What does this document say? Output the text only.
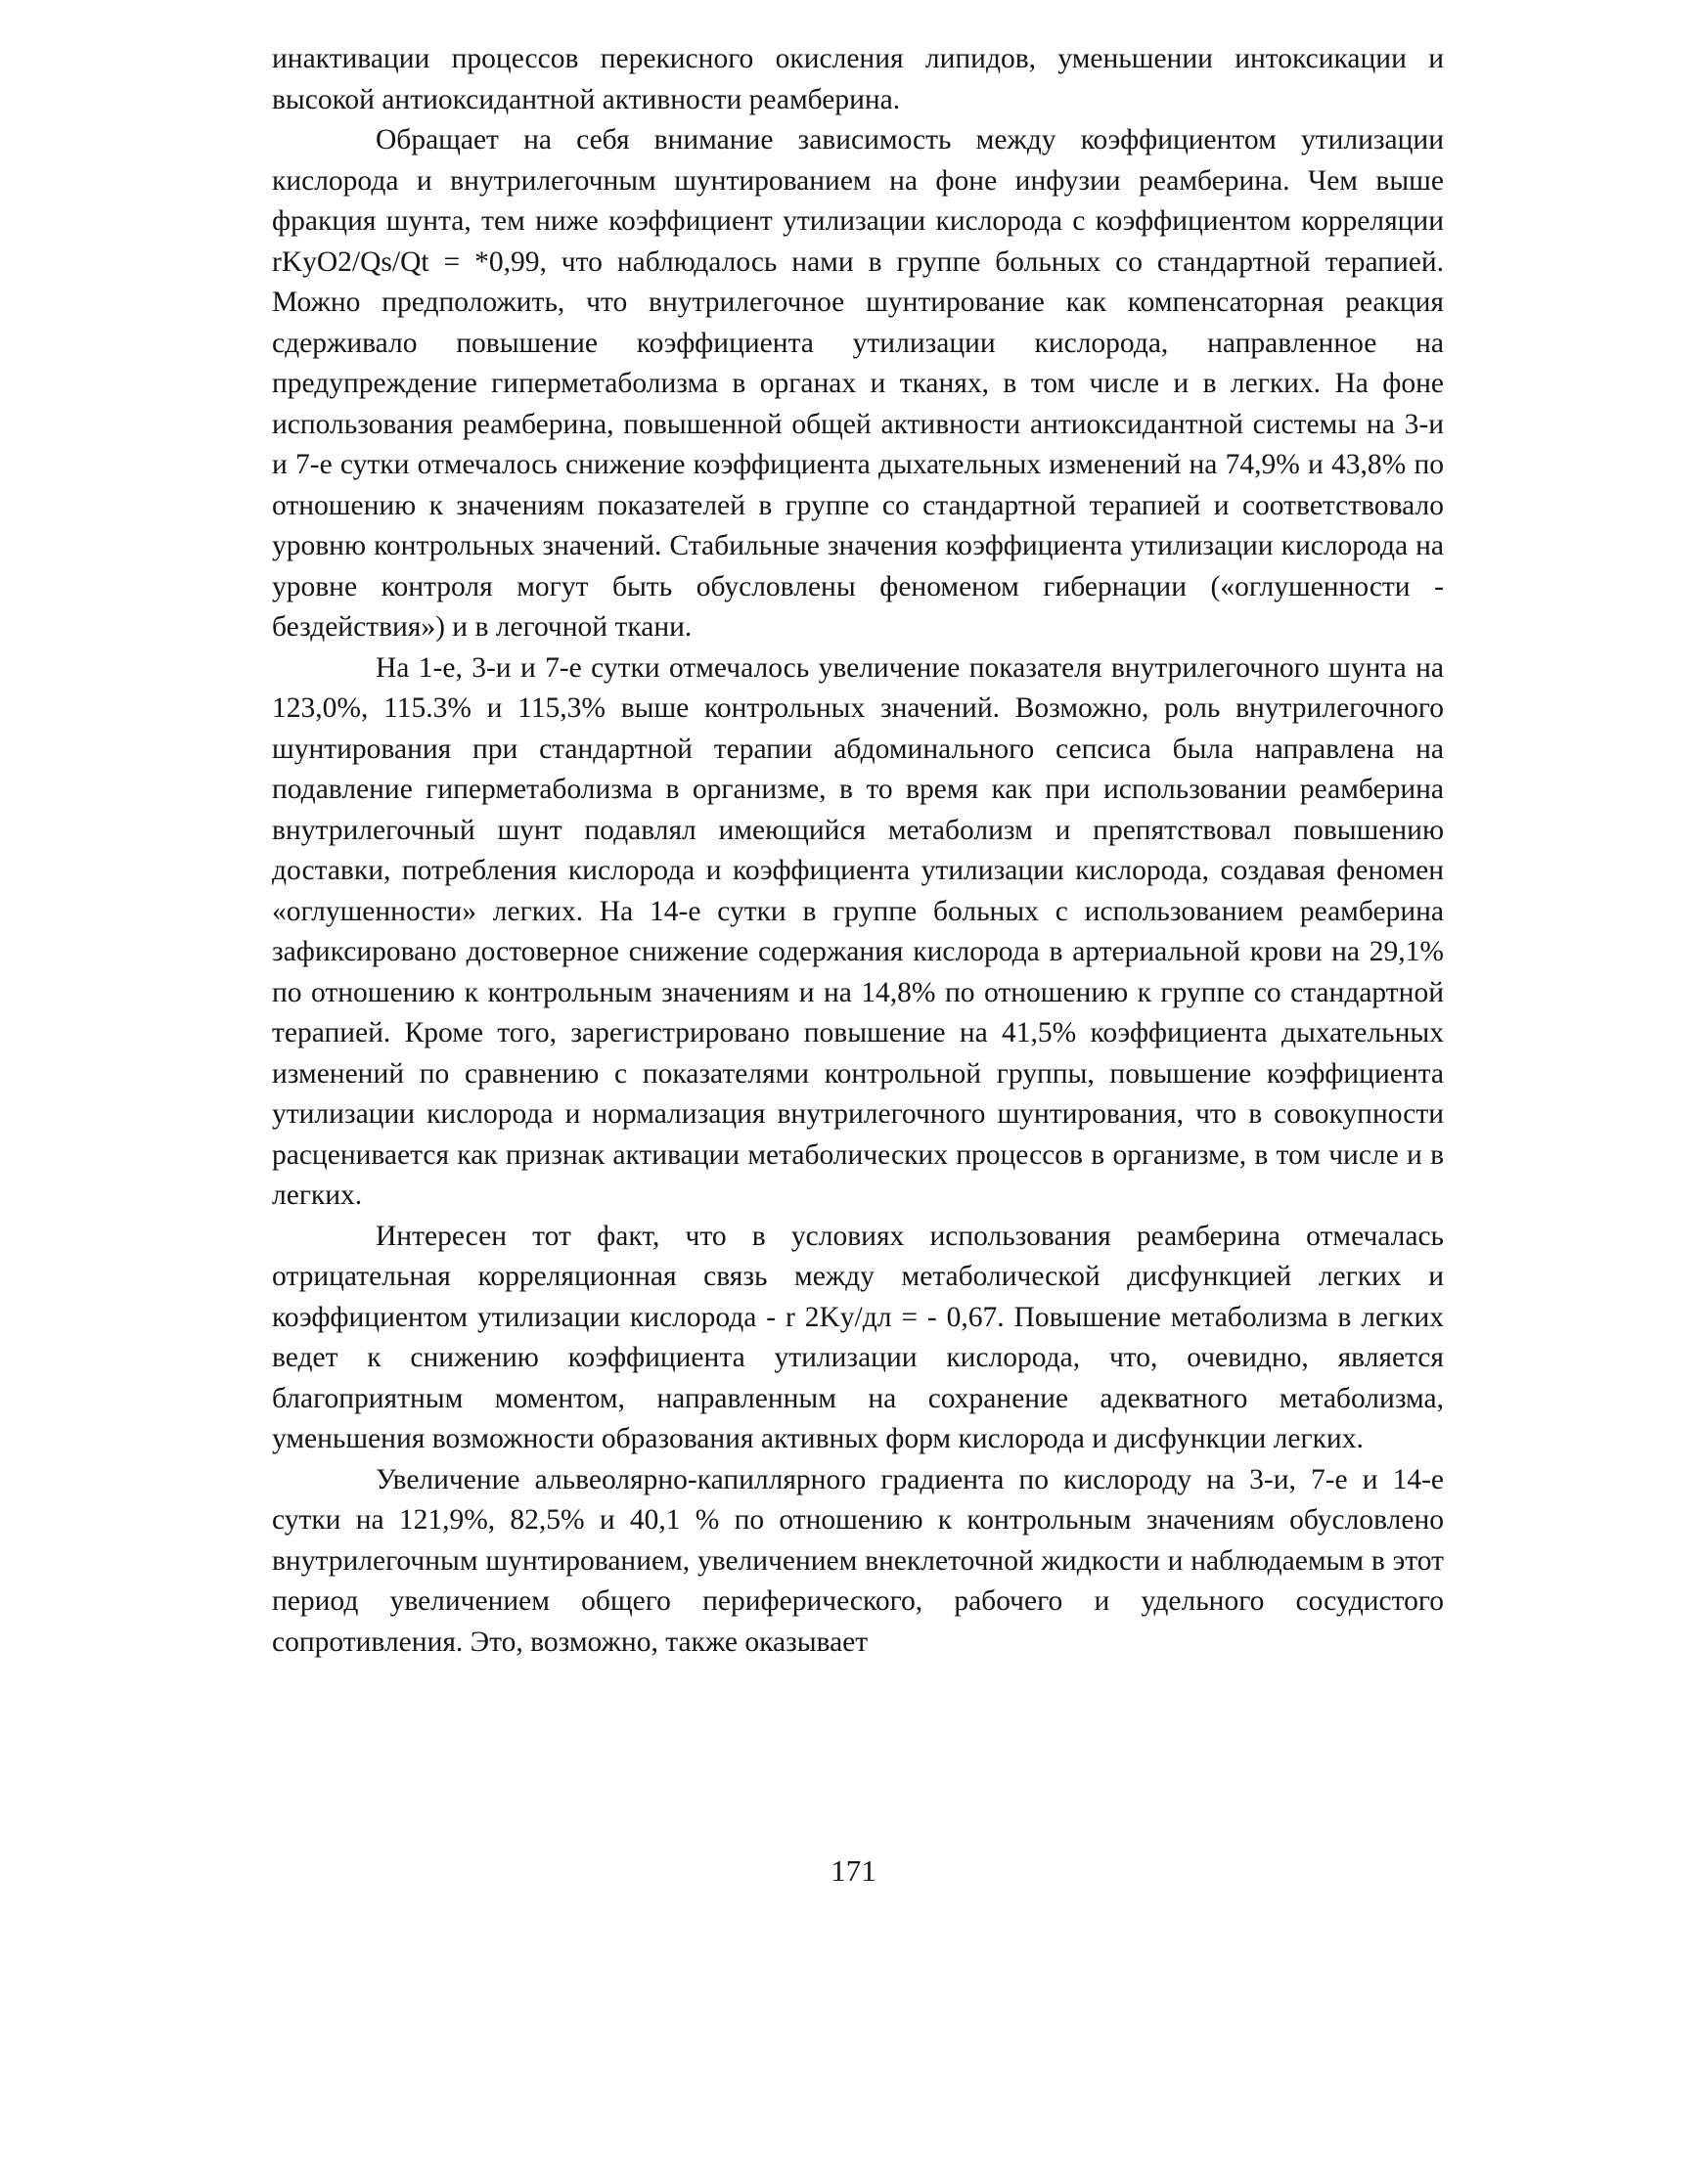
инактивации процессов перекисного окисления липидов, уменьшении интоксикации и высокой антиоксидантной активности реамберина.

Обращает на себя внимание зависимость между коэффициентом утилизации кислорода и внутрилегочным шунтированием на фоне инфузии реамберина. Чем выше фракция шунта, тем ниже коэффициент утилизации кислорода с коэффициентом корреляции rKyO2/Qs/Qt = *0,99, что наблюдалось нами в группе больных со стандартной терапией. Можно предположить, что внутрилегочное шунтирование как компенсаторная реакция сдерживало повышение коэффициента утилизации кислорода, направленное на предупреждение гиперметаболизма в органах и тканях, в том числе и в легких. На фоне использования реамберина, повышенной общей активности антиоксидантной системы на 3-и и 7-е сутки отмечалось снижение коэффициента дыхательных изменений на 74,9% и 43,8% по отношению к значениям показателей в группе со стандартной терапией и соответствовало уровню контрольных значений. Стабильные значения коэффициента утилизации кислорода на уровне контроля могут быть обусловлены феноменом гибернации («оглушенности - бездействия») и в легочной ткани.

На 1-е, 3-и и 7-е сутки отмечалось увеличение показателя внутрилегочного шунта на 123,0%, 115.3% и 115,3% выше контрольных значений. Возможно, роль внутрилегочного шунтирования при стандартной терапии абдоминального сепсиса была направлена на подавление гиперметаболизма в организме, в то время как при использовании реамберина внутрилегочный шунт подавлял имеющийся метаболизм и препятствовал повышению доставки, потребления кислорода и коэффициента утилизации кислорода, создавая феномен «оглушенности» легких. На 14-е сутки в группе больных с использованием реамберина зафиксировано достоверное снижение содержания кислорода в артериальной крови на 29,1% по отношению к контрольным значениям и на 14,8% по отношению к группе со стандартной терапией. Кроме того, зарегистрировано повышение на 41,5% коэффициента дыхательных изменений по сравнению с показателями контрольной группы, повышение коэффициента утилизации кислорода и нормализация внутрилегочного шунтирования, что в совокупности расценивается как признак активации метаболических процессов в организме, в том числе и в легких.

Интересен тот факт, что в условиях использования реамберина отмечалась отрицательная корреляционная связь между метаболической дисфункцией легких и коэффициентом утилизации кислорода - r 2Kу/дл = - 0,67. Повышение метаболизма в легких ведет к снижению коэффициента утилизации кислорода, что, очевидно, является благоприятным моментом, направленным на сохранение адекватного метаболизма, уменьшения возможности образования активных форм кислорода и дисфункции легких.

Увеличение альвеолярно-капиллярного градиента по кислороду на 3-и, 7-е и 14-е сутки на 121,9%, 82,5% и 40,1 % по отношению к контрольным значениям обусловлено внутрилегочным шунтированием, увеличением внеклеточной жидкости и наблюдаемым в этот период увеличением общего периферического, рабочего и удельного сосудистого сопротивления. Это, возможно, также оказывает

171
